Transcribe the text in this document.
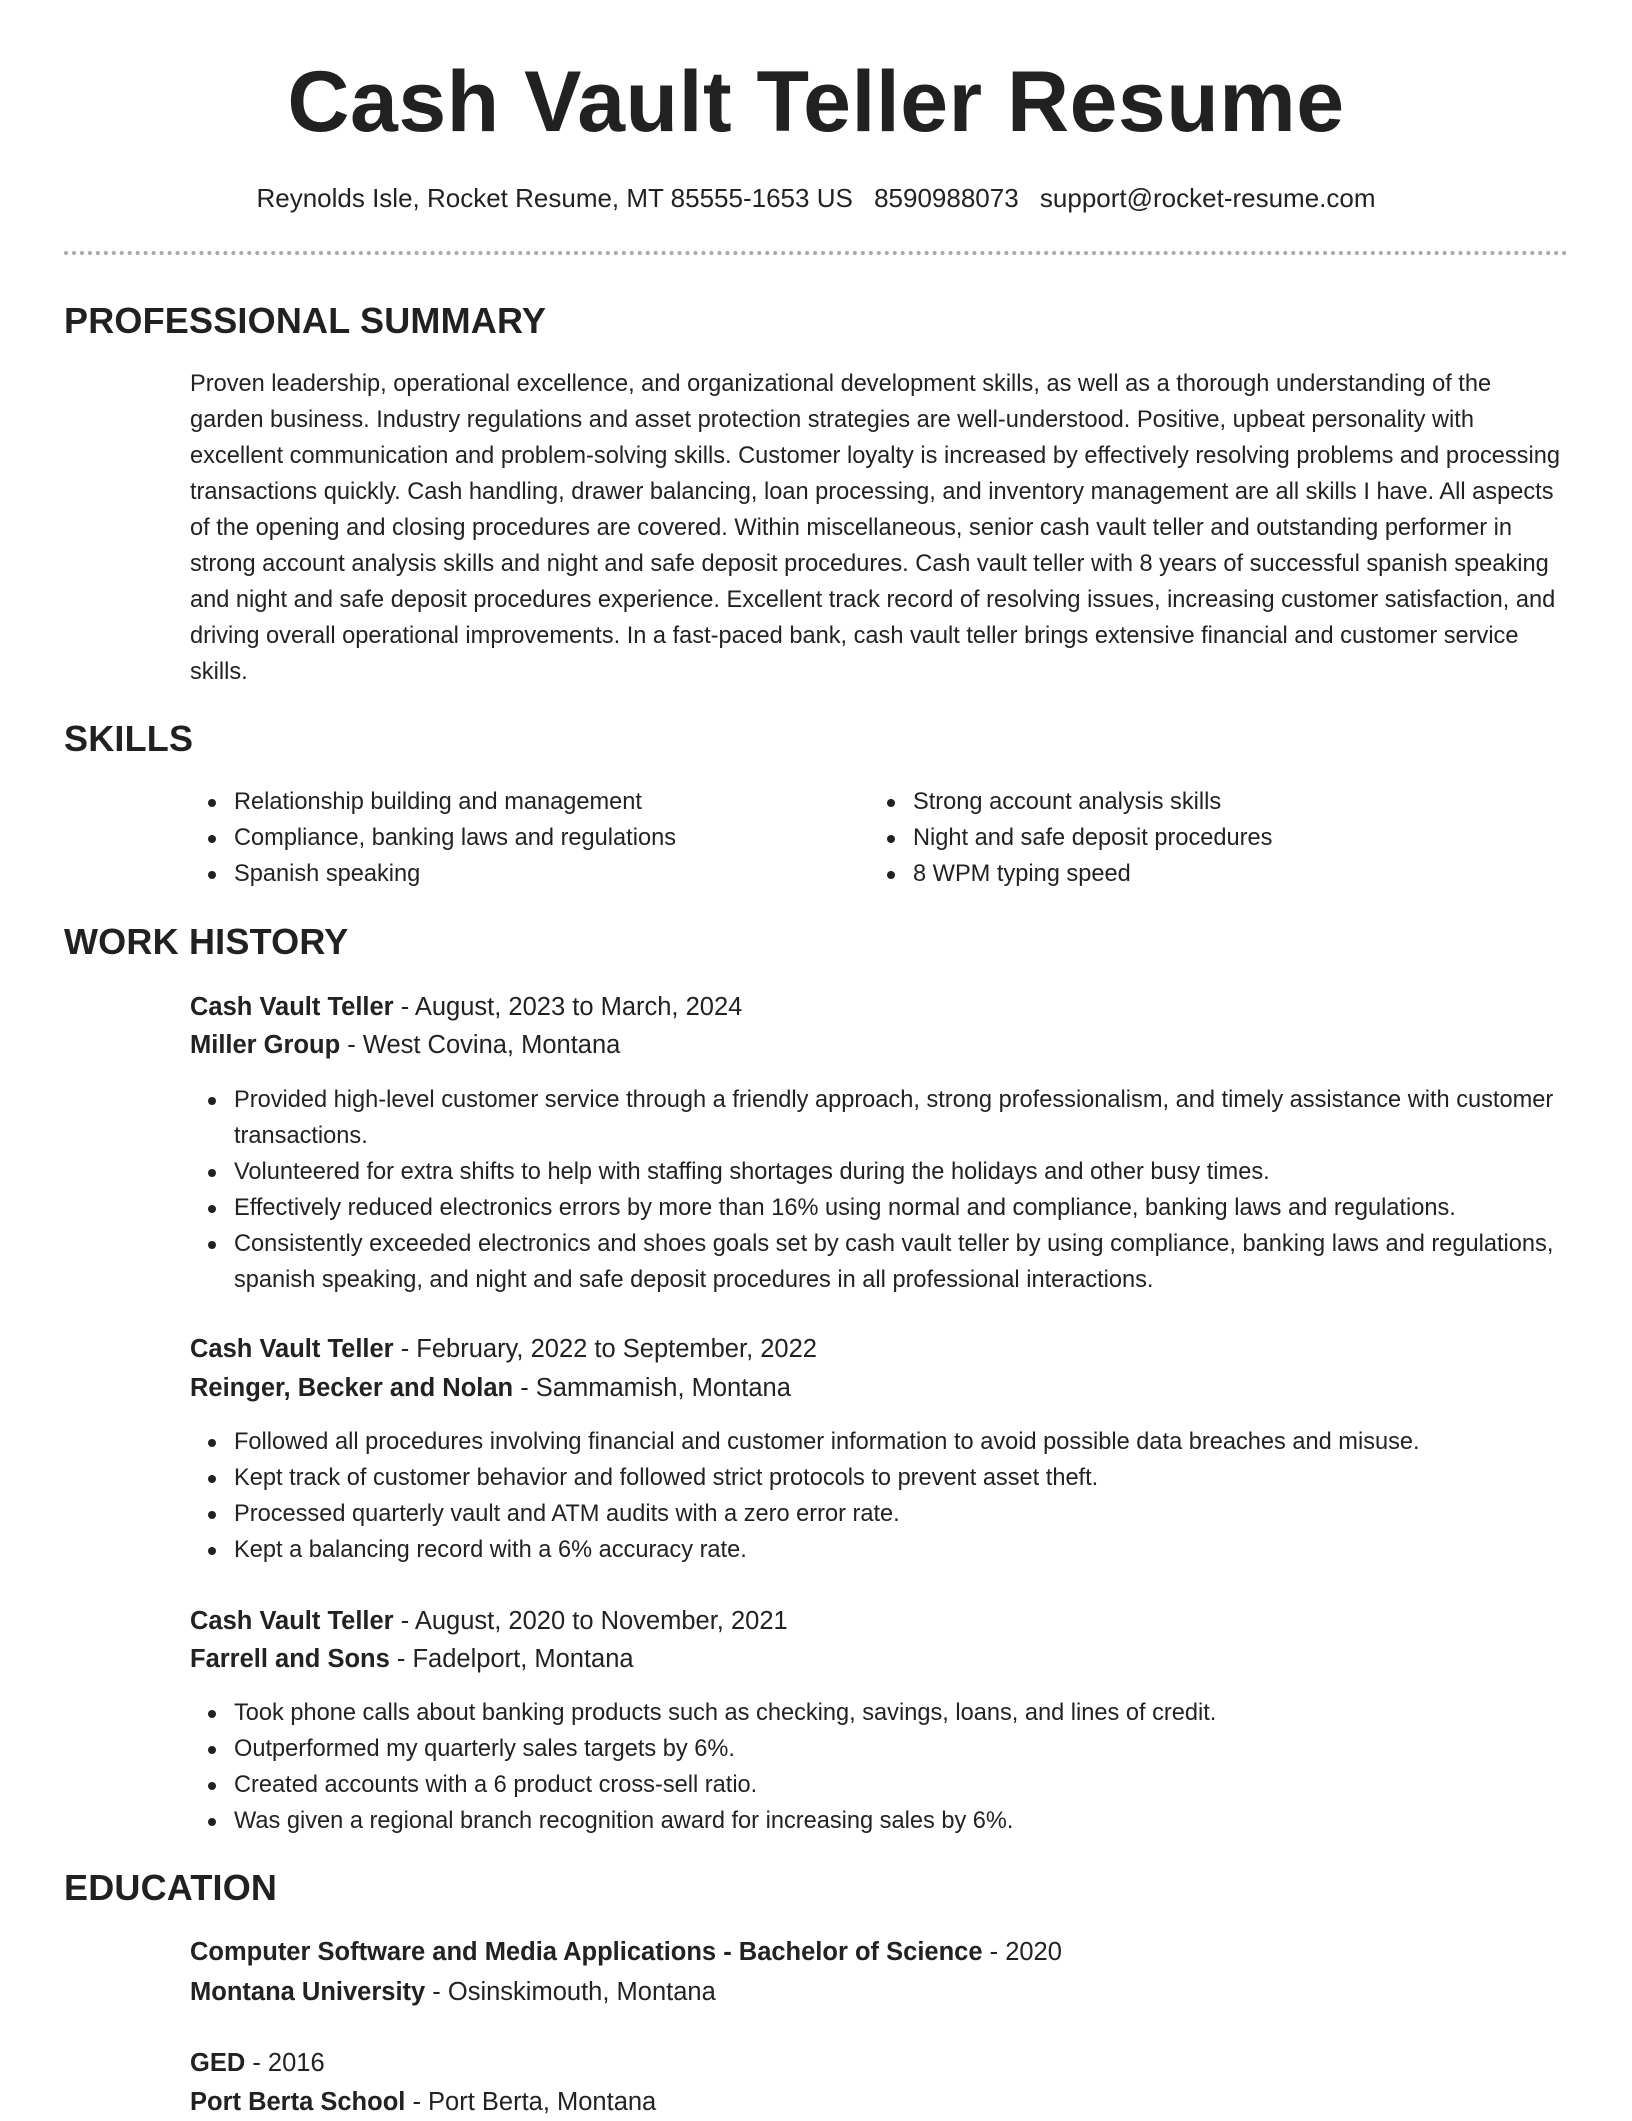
Cash Vault Teller Resume
Reynolds Isle, Rocket Resume, MT 85555-1653 US 8590988073 support@rocket-resume.com
PROFESSIONAL SUMMARY

Proven leadership, operational excellence, and organizational development skills, as well as a thorough understanding of the garden business. Industry regulations and asset protection strategies are well-understood. Positive, upbeat personality with excellent communication and problem-solving skills. Customer loyalty is increased by effectively resolving problems and processing transactions quickly. Cash handling, drawer balancing, loan processing, and inventory management are all skills I have. All aspects of the opening and closing procedures are covered. Within miscellaneous, senior cash vault teller and outstanding performer in strong account analysis skills and night and safe deposit procedures. Cash vault teller with 8 years of successful spanish speaking and night and safe deposit procedures experience. Excellent track record of resolving issues, increasing customer satisfaction, and driving overall operational improvements. In a fast-paced bank, cash vault teller brings extensive financial and customer service skills.

SKILLS
Relationship building and management
Compliance, banking laws and regulations
Spanish speaking
Strong account analysis skills
Night and safe deposit procedures
8 WPM typing speed
WORK HISTORY
Cash Vault Teller - August, 2023 to March, 2024
Miller Group - West Covina, Montana
Provided high-level customer service through a friendly approach, strong professionalism, and timely assistance with customer transactions.
Volunteered for extra shifts to help with staffing shortages during the holidays and other busy times.
Effectively reduced electronics errors by more than 16% using normal and compliance, banking laws and regulations.
Consistently exceeded electronics and shoes goals set by cash vault teller by using compliance, banking laws and regulations, spanish speaking, and night and safe deposit procedures in all professional interactions.
Cash Vault Teller - February, 2022 to September, 2022
Reinger, Becker and Nolan - Sammamish, Montana
Followed all procedures involving financial and customer information to avoid possible data breaches and misuse.
Kept track of customer behavior and followed strict protocols to prevent asset theft.
Processed quarterly vault and ATM audits with a zero error rate.
Kept a balancing record with a 6% accuracy rate.
Cash Vault Teller - August, 2020 to November, 2021
Farrell and Sons - Fadelport, Montana
Took phone calls about banking products such as checking, savings, loans, and lines of credit.
Outperformed my quarterly sales targets by 6%.
Created accounts with a 6 product cross-sell ratio.
Was given a regional branch recognition award for increasing sales by 6%.
EDUCATION
Computer Software and Media Applications - Bachelor of Science - 2020
Montana University - Osinskimouth, Montana
GED - 2016
Port Berta School - Port Berta, Montana
